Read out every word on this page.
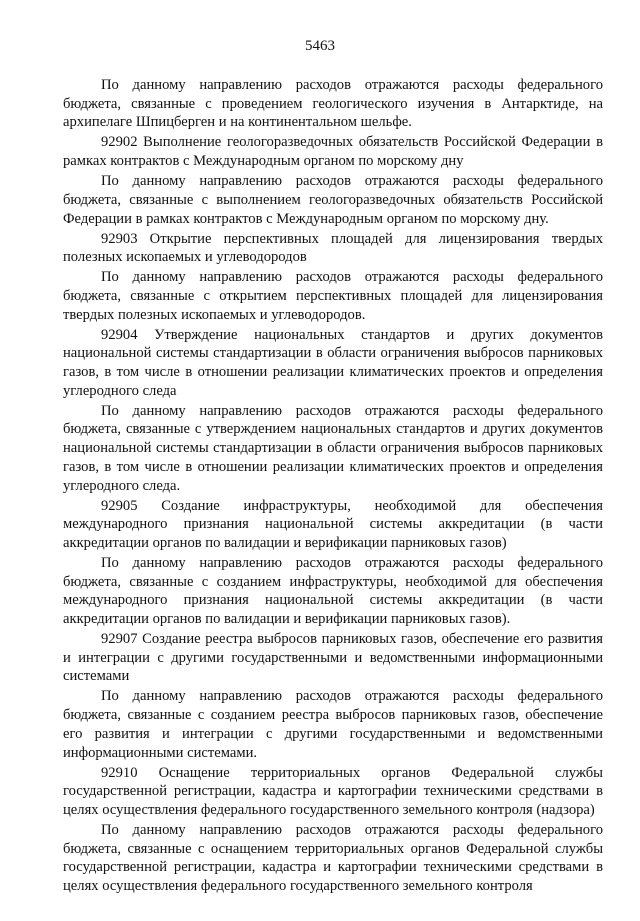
5463

По данному направлению расходов отражаются расходы федерального бюджета, связанные с проведением геологического изучения в Антарктиде, на архипелаге Шпицберген и на континентальном шельфе.

92902 Выполнение геологоразведочных обязательств Российской Федерации в рамках контрактов с Международным органом по морскому дну

По данному направлению расходов отражаются расходы федерального бюджета, связанные с выполнением геологоразведочных обязательств Российской Федерации в рамках контрактов с Международным органом по морскому дну.

92903 Открытие перспективных площадей для лицензирования твердых полезных ископаемых и углеводородов

По данному направлению расходов отражаются расходы федерального бюджета, связанные с открытием перспективных площадей для лицензирования твердых полезных ископаемых и углеводородов.

92904 Утверждение национальных стандартов и других документов национальной системы стандартизации в области ограничения выбросов парниковых газов, в том числе в отношении реализации климатических проектов и определения углеродного следа

По данному направлению расходов отражаются расходы федерального бюджета, связанные с утверждением национальных стандартов и других документов национальной системы стандартизации в области ограничения выбросов парниковых газов, в том числе в отношении реализации климатических проектов и определения углеродного следа.

92905 Создание инфраструктуры, необходимой для обеспечения международного признания национальной системы аккредитации (в части аккредитации органов по валидации и верификации парниковых газов)

По данному направлению расходов отражаются расходы федерального бюджета, связанные с созданием инфраструктуры, необходимой для обеспечения международного признания национальной системы аккредитации (в части аккредитации органов по валидации и верификации парниковых газов).

92907 Создание реестра выбросов парниковых газов, обеспечение его развития и интеграции с другими государственными и ведомственными информационными системами

По данному направлению расходов отражаются расходы федерального бюджета, связанные с созданием реестра выбросов парниковых газов, обеспечение его развития и интеграции с другими государственными и ведомственными информационными системами.

92910 Оснащение территориальных органов Федеральной службы государственной регистрации, кадастра и картографии техническими средствами в целях осуществления федерального государственного земельного контроля (надзора)

По данному направлению расходов отражаются расходы федерального бюджета, связанные с оснащением территориальных органов Федеральной службы государственной регистрации, кадастра и картографии техническими средствами в целях осуществления федерального государственного земельного контроля
